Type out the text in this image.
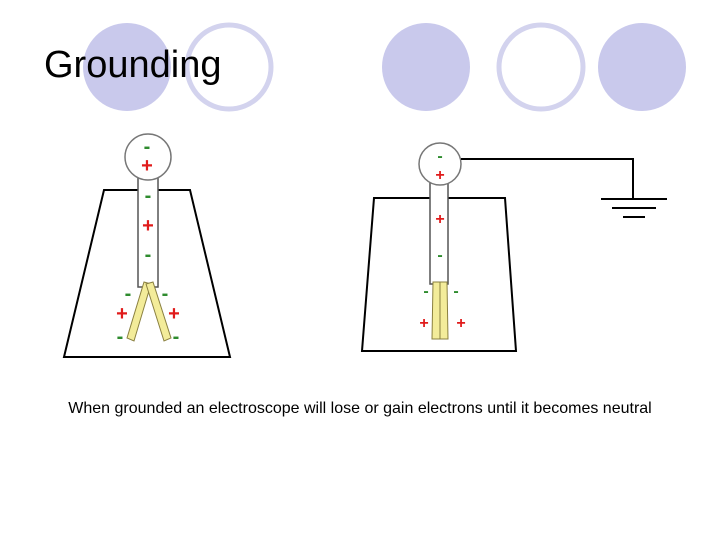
-
+
-
+
-
- -
+ +
- -
-
+
+
-
- -
+ +
Grounding
When grounded an electroscope will lose or gain electrons until it becomes neutral
